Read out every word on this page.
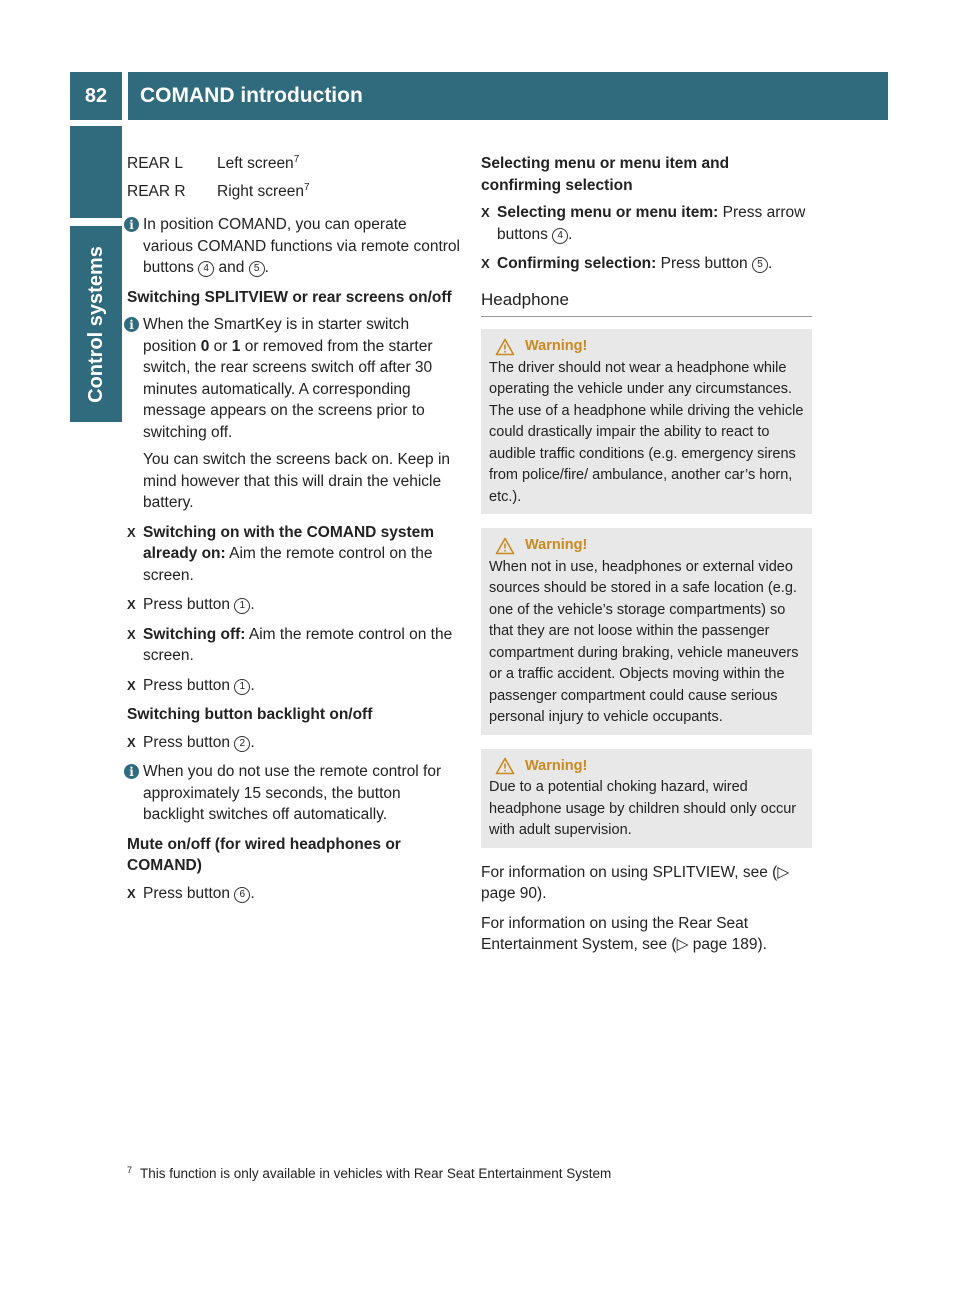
82	COMAND introduction
Control systems
REAR L	Left screen$^7$
REAR R	Right screen$^7$
i In position COMAND, you can operate various COMAND functions via remote control buttons 4 and 5 .

Switching SPLITVIEW or rear screens on/off

i When the SmartKey is in starter switch position 0 or 1 or removed from the starter switch, the rear screens switch off after 30 minutes automatically. A corresponding message appears on the screens prior to switching off.

You can switch the screens back on. Keep in mind however that this will drain the vehicle battery.

X Switching on with the COMAND system already on: Aim the remote control on the screen.
X Press button 1 .
X Switching off: Aim the remote control on the screen.
X Press button 1 .

Switching button backlight on/off

X Press button 2 .
i When you do not use the remote control for approximately 15 seconds, the button backlight switches off automatically.

Mute on/off (for wired headphones or COMAND)

X Press button 6 .

Selecting menu or menu item and confirming selection

X Selecting menu or menu item: Press arrow buttons 4 .
X Confirming selection: Press button 5 .
Headphone
Warning!
The driver should not wear a headphone while operating the vehicle under any circumstances. The use of a headphone while driving the vehicle could drastically impair the ability to react to audible traffic conditions (e.g. emergency sirens from police/fire/ ambulance, another car’s horn, etc.).
Warning!
When not in use, headphones or external video sources should be stored in a safe location (e.g. one of the vehicle’s storage compartments) so that they are not loose within the passenger compartment during braking, vehicle maneuvers or a traffic accident. Objects moving within the passenger compartment could cause serious personal injury to vehicle occupants.
Warning!
Due to a potential choking hazard, wired headphone usage by children should only occur with adult supervision.

For information on using SPLITVIEW, see (▷ page 90).

For information on using the Rear Seat Entertainment System, see (▷ page 189).

$^7$ This function is only available in vehicles with Rear Seat Entertainment System
